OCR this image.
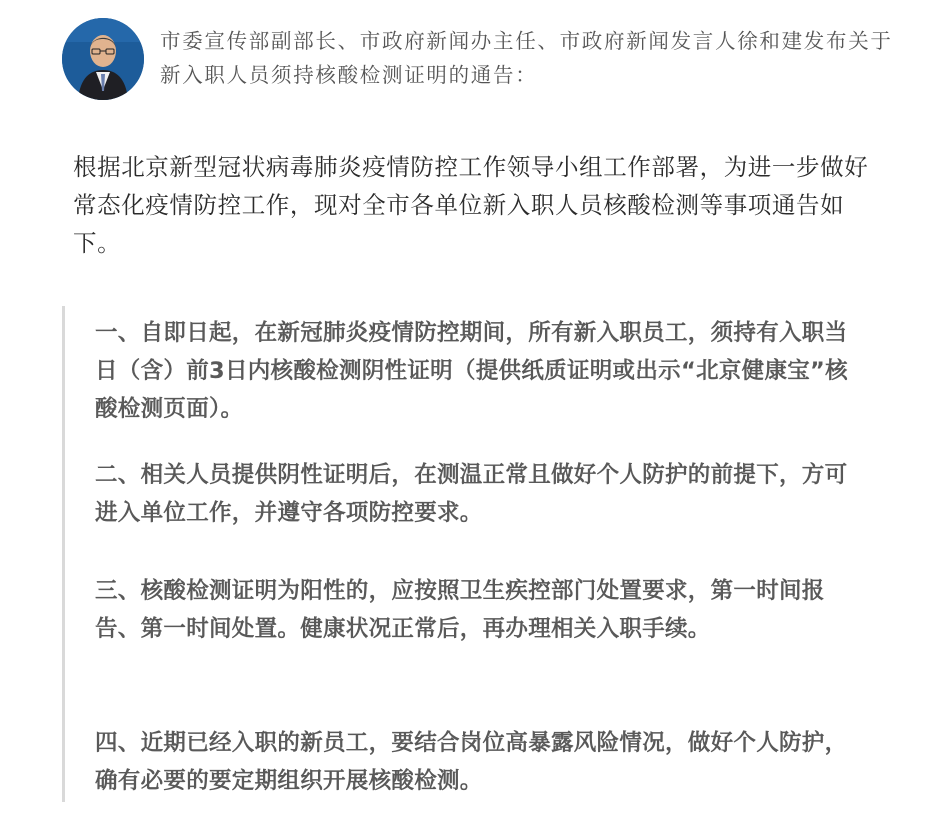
市委宣传部副部长、市政府新闻办主任、市政府新闻发言人徐和建发布关于新入职人员须持核酸检测证明的通告：
根据北京新型冠状病毒肺炎疫情防控工作领导小组工作部署，为进一步做好常态化疫情防控工作，现对全市各单位新入职人员核酸检测等事项通告如下。
一、自即日起，在新冠肺炎疫情防控期间，所有新入职员工，须持有入职当日（含）前3日内核酸检测阴性证明（提供纸质证明或出示“北京健康宝”核酸检测页面）。
二、相关人员提供阴性证明后，在测温正常且做好个人防护的前提下，方可进入单位工作，并遵守各项防控要求。
三、核酸检测证明为阳性的，应按照卫生疾控部门处置要求，第一时间报告、第一时间处置。健康状况正常后，再办理相关入职手续。
四、近期已经入职的新员工，要结合岗位高暴露风险情况，做好个人防护，确有必要的要定期组织开展核酸检测。
